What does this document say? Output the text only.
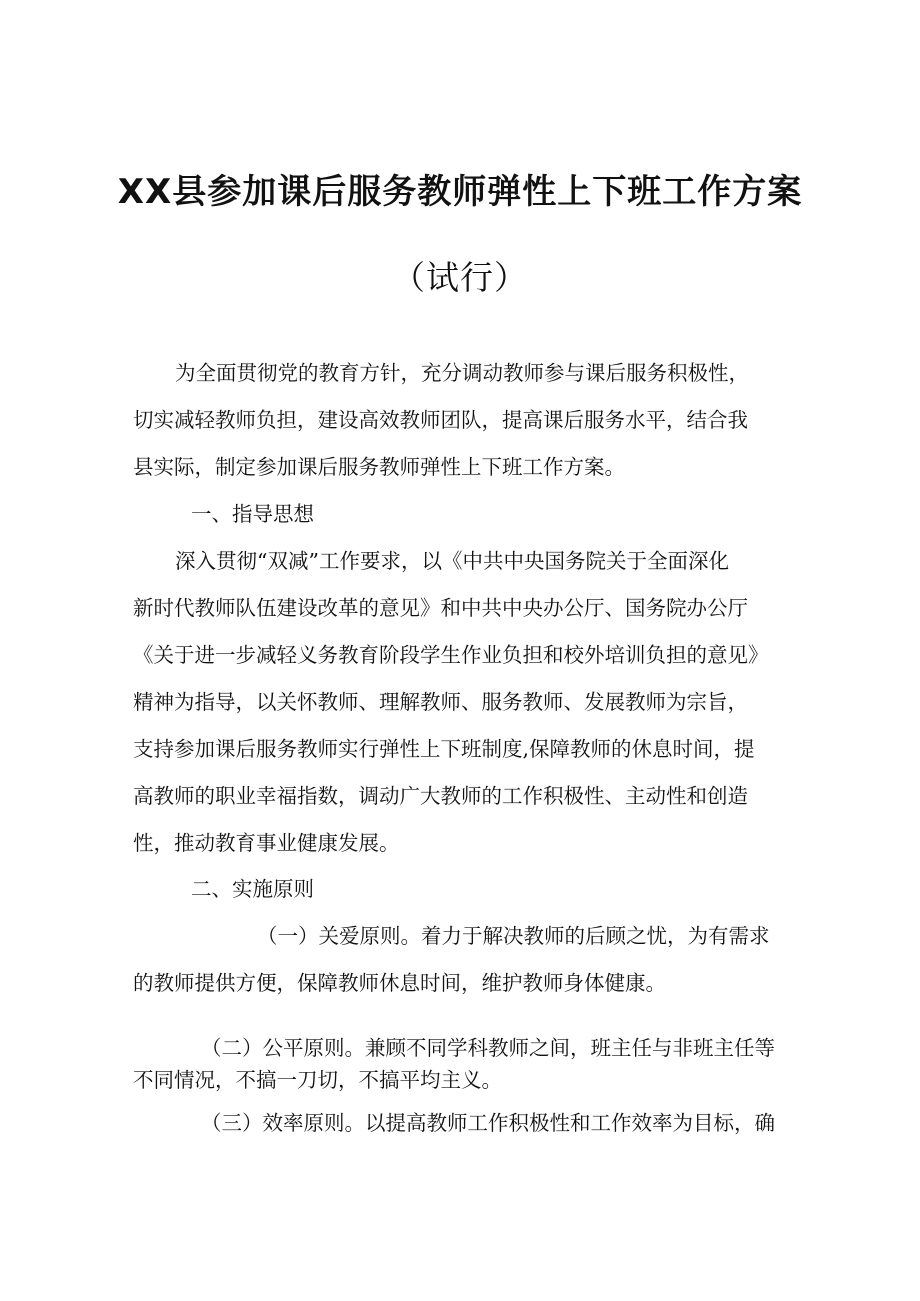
XX县参加课后服务教师弹性上下班工作方案
（试行）

为全面贯彻党的教育方针，充分调动教师参与课后服务积极性，

切实减轻教师负担，建设高效教师团队，提高课后服务水平，结合我

县实际，制定参加课后服务教师弹性上下班工作方案。

一、指导思想

深入贯彻“双减”工作要求，以《中共中央国务院关于全面深化

新时代教师队伍建设改革的意见》和中共中央办公厅、国务院办公厅

《关于进一步减轻义务教育阶段学生作业负担和校外培训负担的意见》

精神为指导，以关怀教师、理解教师、服务教师、发展教师为宗旨，

支持参加课后服务教师实行弹性上下班制度,保障教师的休息时间，提

高教师的职业幸福指数，调动广大教师的工作积极性、主动性和创造

性，推动教育事业健康发展。

二、实施原则

（一）关爱原则。着力于解决教师的后顾之忧，为有需求

的教师提供方便，保障教师休息时间，维护教师身体健康。

（二）公平原则。兼顾不同学科教师之间，班主任与非班主任等

不同情况，不搞一刀切，不搞平均主义。

（三）效率原则。以提高教师工作积极性和工作效率为目标，确
